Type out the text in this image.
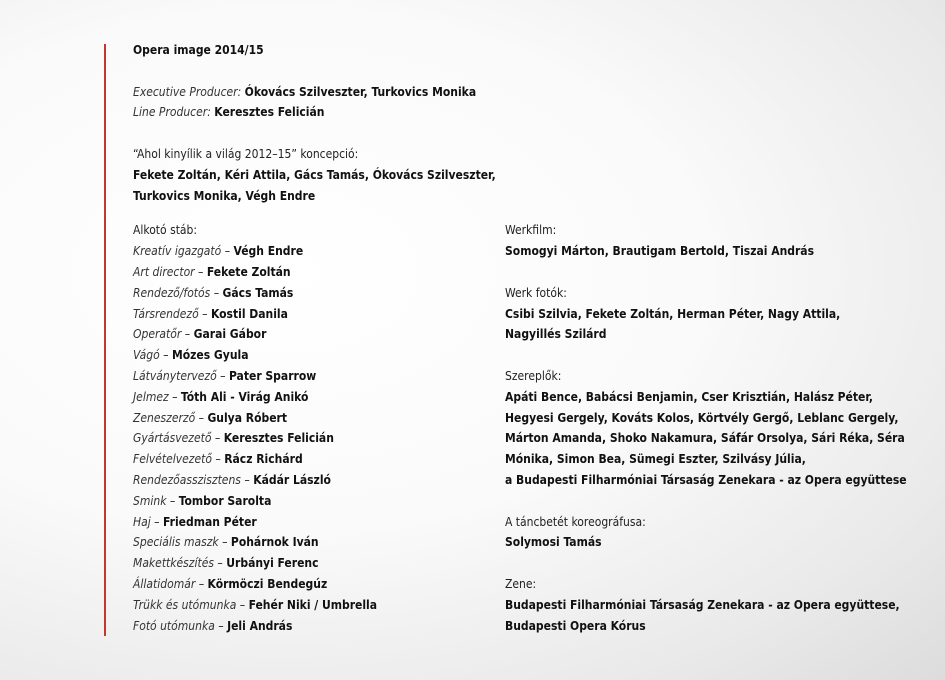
Opera image 2014/15
Executive Producer: Ókovács Szilveszter, Turkovics Monika
Line Producer: Keresztes Felicián
“Ahol kinyílik a világ 2012–15” koncepció:
Fekete Zoltán, Kéri Attila, Gács Tamás, Ókovács Szilveszter,
Turkovics Monika, Végh Endre
Alkotó stáb:
Kreatív igazgató – Végh Endre
Art director – Fekete Zoltán
Rendező/fotós – Gács Tamás
Társrendező – Kostil Danila
Operatőr – Garai Gábor
Vágó – Mózes Gyula
Látványtervező – Pater Sparrow
Jelmez – Tóth Ali - Virág Anikó
Zeneszerző – Gulya Róbert
Gyártásvezető – Keresztes Felicián
Felvételvezető – Rácz Richárd
Rendezőasszisztens – Kádár László
Smink – Tombor Sarolta
Haj – Friedman Péter
Speciális maszk – Pohárnok Iván
Makettkészítés – Urbányi Ferenc
Állatidomár – Körmöczi Bendegúz
Trükk és utómunka – Fehér Niki / Umbrella
Fotó utómunka – Jeli András
Werkfilm:
Somogyi Márton, Brautigam Bertold, Tiszai András
Werk fotók:
Csibi Szilvia, Fekete Zoltán, Herman Péter, Nagy Attila,
Nagyillés Szilárd
Szereplők:
Apáti Bence, Babácsi Benjamin, Cser Krisztián, Halász Péter,
Hegyesi Gergely, Kováts Kolos, Körtvély Gergő, Leblanc Gergely,
Márton Amanda, Shoko Nakamura, Sáfár Orsolya, Sári Réka, Séra
Mónika, Simon Bea, Sümegi Eszter, Szilvásy Júlia,
a Budapesti Filharmóniai Társaság Zenekara - az Opera együttese
A táncbetét koreográfusa:
Solymosi Tamás
Zene:
Budapesti Filharmóniai Társaság Zenekara - az Opera együttese,
Budapesti Opera Kórus
